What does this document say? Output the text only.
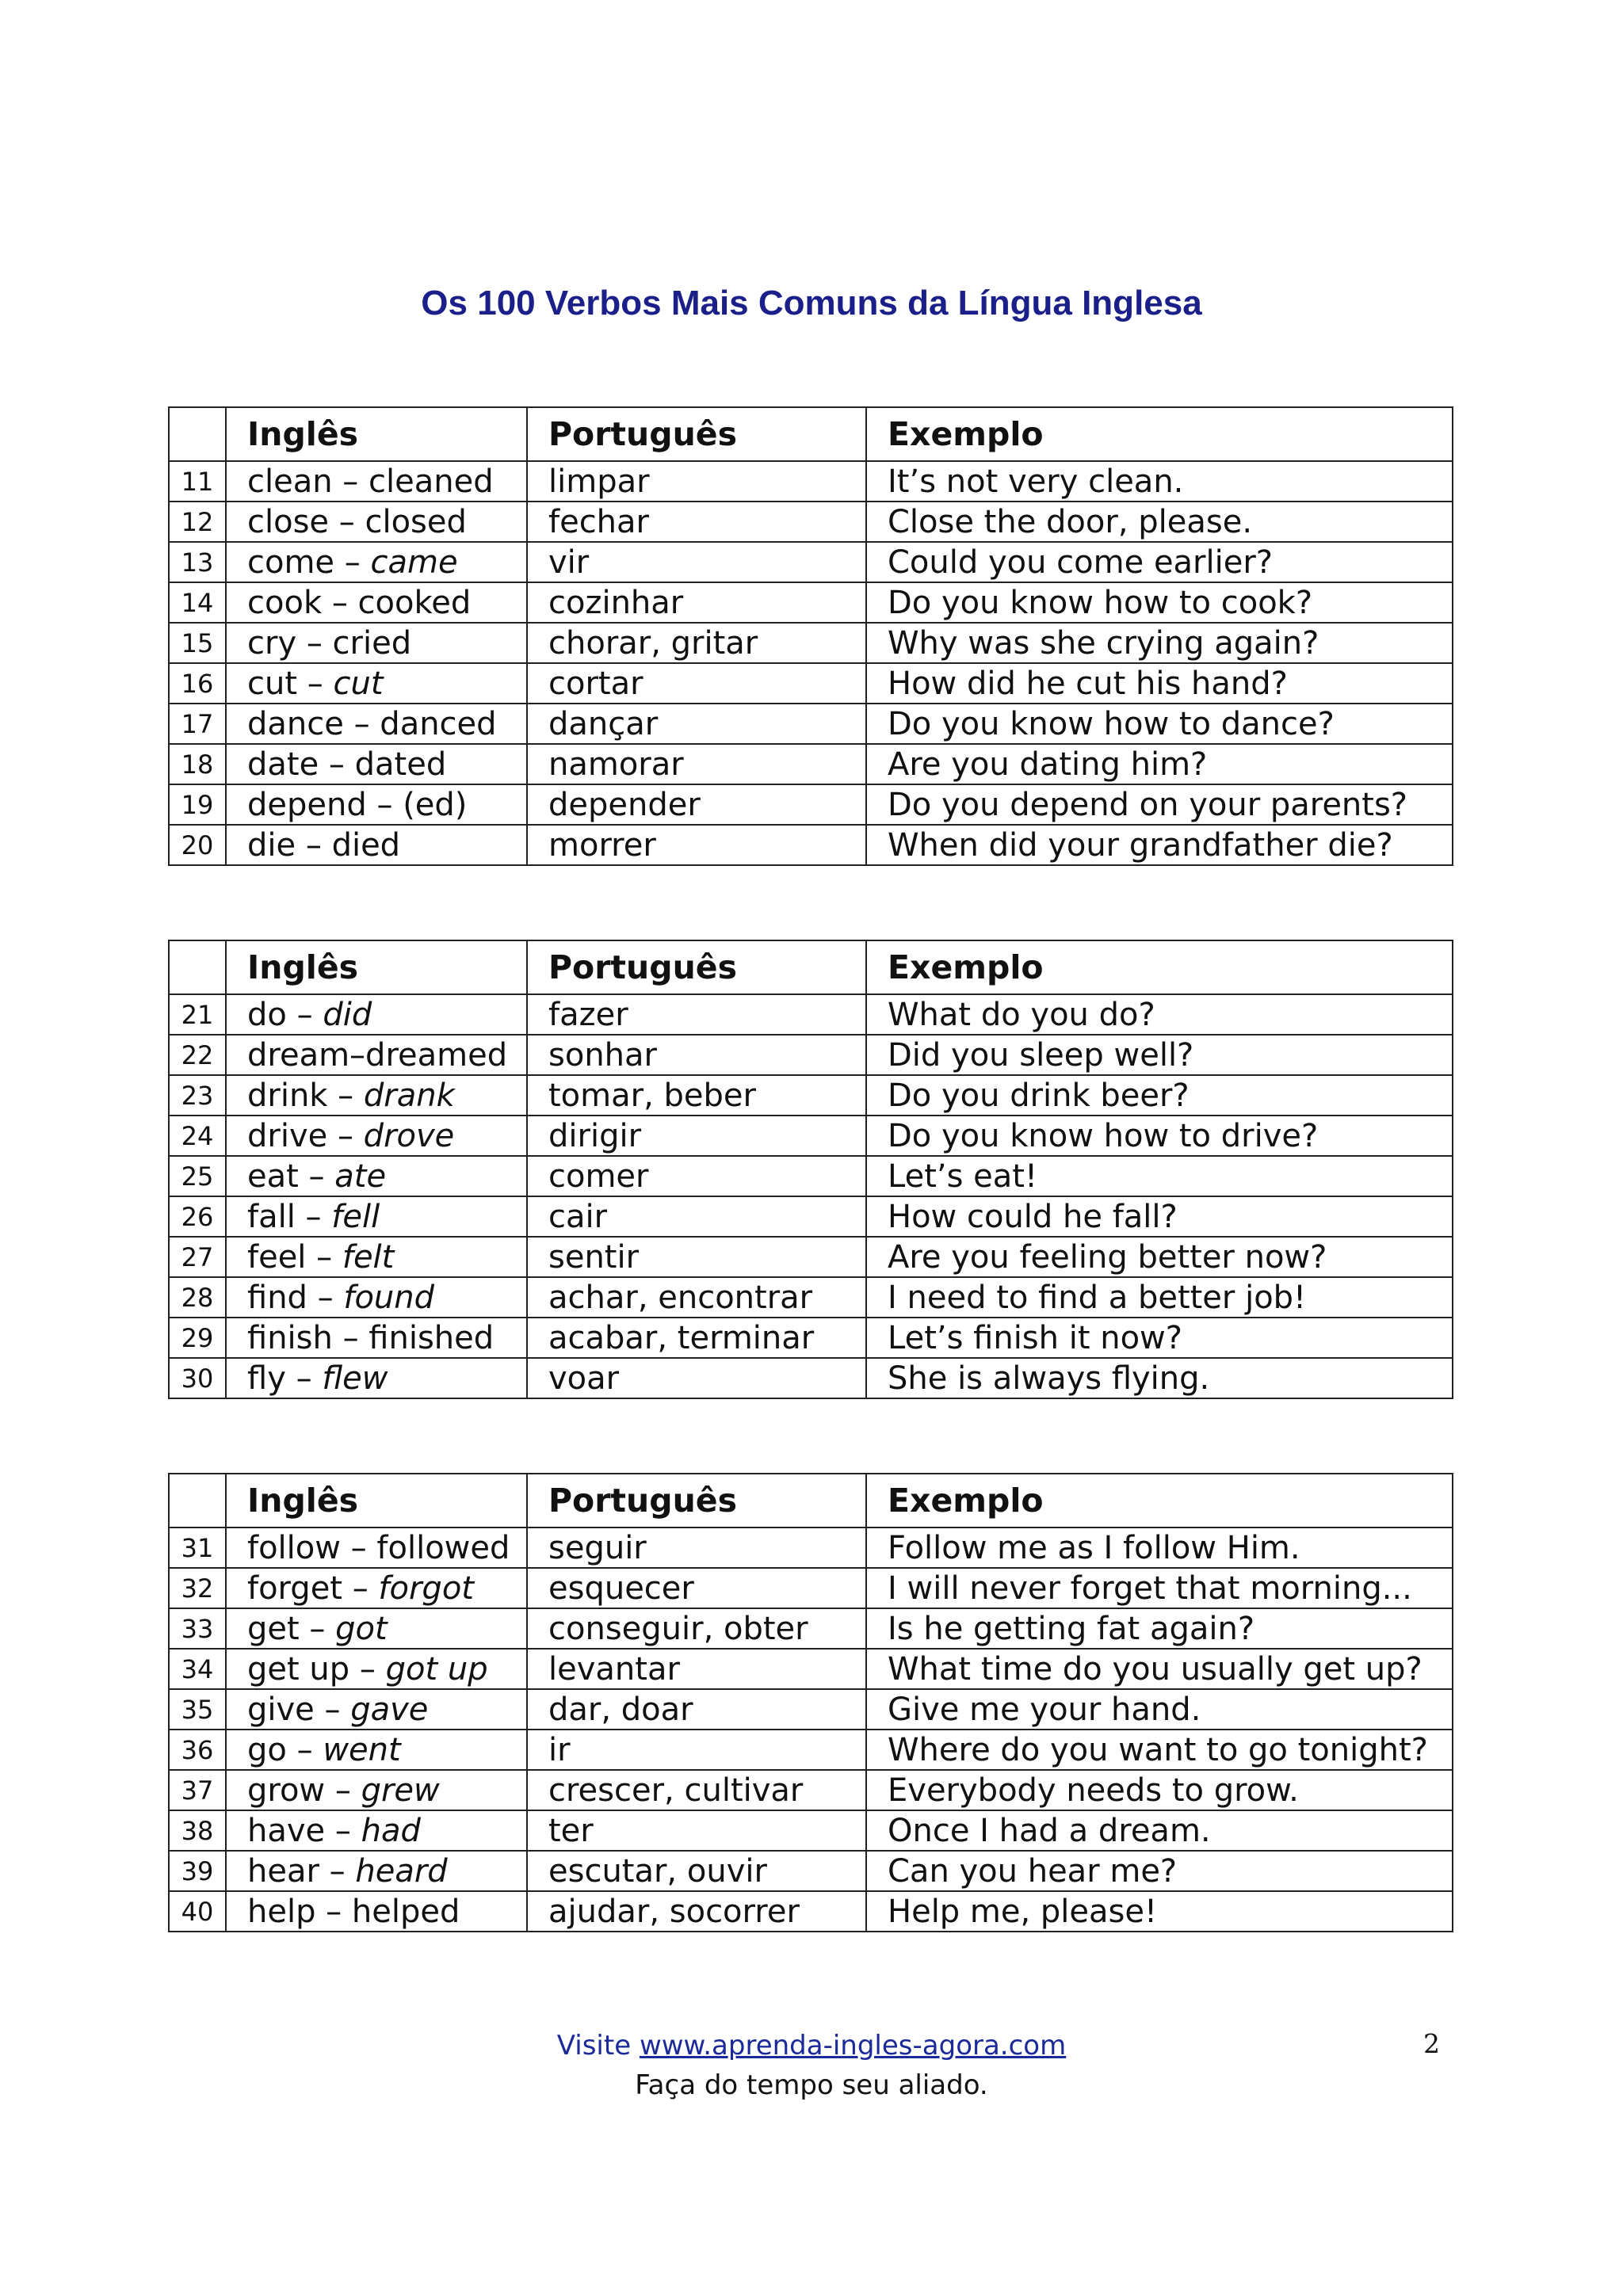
Os 100 Verbos Mais Comuns da Língua Inglesa
	Inglês	Português	Exemplo
11	clean – cleaned	limpar	It’s not very clean.
12	close – closed	fechar	Close the door, please.
13	come – came	vir	Could you come earlier?
14	cook – cooked	cozinhar	Do you know how to cook?
15	cry – cried	chorar, gritar	Why was she crying again?
16	cut – cut	cortar	How did he cut his hand?
17	dance – danced	dançar	Do you know how to dance?
18	date – dated	namorar	Are you dating him?
19	depend – (ed)	depender	Do you depend on your parents?
20	die – died	morrer	When did your grandfather die?
	Inglês	Português	Exemplo
21	do – did	fazer	What do you do?
22	dream–dreamed	sonhar	Did you sleep well?
23	drink – drank	tomar, beber	Do you drink beer?
24	drive – drove	dirigir	Do you know how to drive?
25	eat – ate	comer	Let’s eat!
26	fall – fell	cair	How could he fall?
27	feel – felt	sentir	Are you feeling better now?
28	find – found	achar, encontrar	I need to find a better job!
29	finish – finished	acabar, terminar	Let’s finish it now?
30	fly – flew	voar	She is always flying.
	Inglês	Português	Exemplo
31	follow – followed	seguir	Follow me as I follow Him.
32	forget – forgot	esquecer	I will never forget that morning...
33	get – got	conseguir, obter	Is he getting fat again?
34	get up – got up	levantar	What time do you usually get up?
35	give – gave	dar, doar	Give me your hand.
36	go – went	ir	Where do you want to go tonight?
37	grow – grew	crescer, cultivar	Everybody needs to grow.
38	have – had	ter	Once I had a dream.
39	hear – heard	escutar, ouvir	Can you hear me?
40	help – helped	ajudar, socorrer	Help me, please!
Visite www.aprenda-ingles-agora.com
Faça do tempo seu aliado.
2
